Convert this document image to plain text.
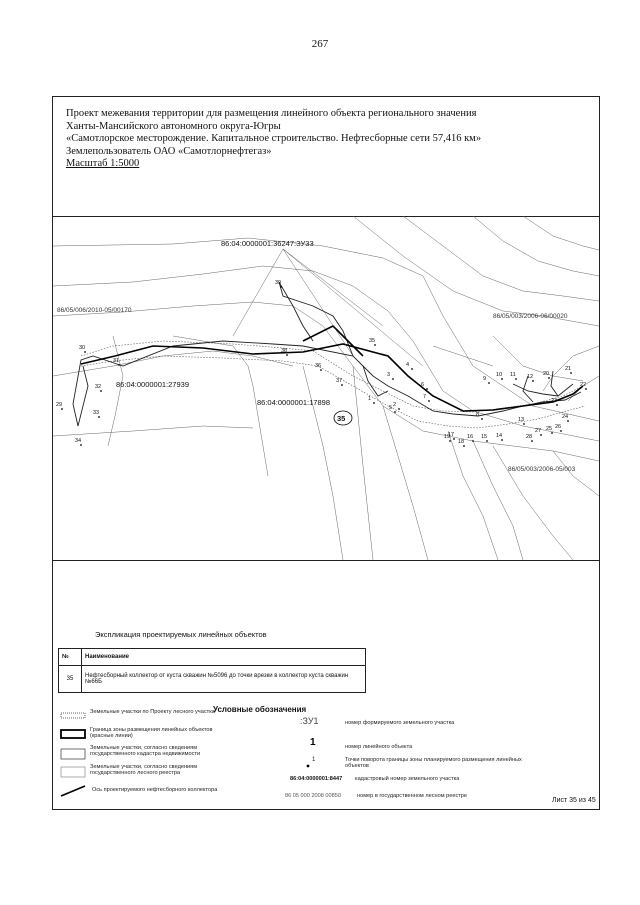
267
Проект межевания территории для размещения линейного объекта регионального значения
Ханты-Мансийского автономного округа-Югры
«Самотлорское месторождение. Капитальное строительство. Нефтесборные сети 57,416 км»
Землепользователь ОАО «Самотлорнефтегаз»
Масштаб 1:5000
86:04:0000001:36247:ЗУ33
86/05/006/2010-05/00170
86/05/003/2006-06/00020
86/05/003/2006-05/003
86:04:0000001:27939
86:04:0000001:17898
35
1
2
3
4
5
6
7
8
9
10 11 12
13
14
15
16
17
18
19
20
21
22
23
24
25 26
27
28
29
30
31
32
33
34
35
36
37
38
39
Экспликация проектируемых линейных объектов
№	Наименование
35	Нефтесборный коллектор от куста скважин №5096 до точки врезки в коллектор куста скважин №66Б
Условные обозначения
Земельные участки по Проекту лесного участка
Граница зоны размещения линейных объектов (красные линии)
Земельные участки, согласно сведениям государственного кадастра недвижимости
Земельные участки, согласно сведениям государственного лесного реестра
Ось проектируемого нефтесборного коллектора
:ЗУ1	номер формируемого земельного участка
1	номер линейного объекта
1	Точки поворота границы зоны планируемого размещения линейных объектов
86:04:0000001:8447 кадастровый номер земельного участка
86 05 000 2008 00850	номер в государственном лесном реестре
Лист 35 из 45
